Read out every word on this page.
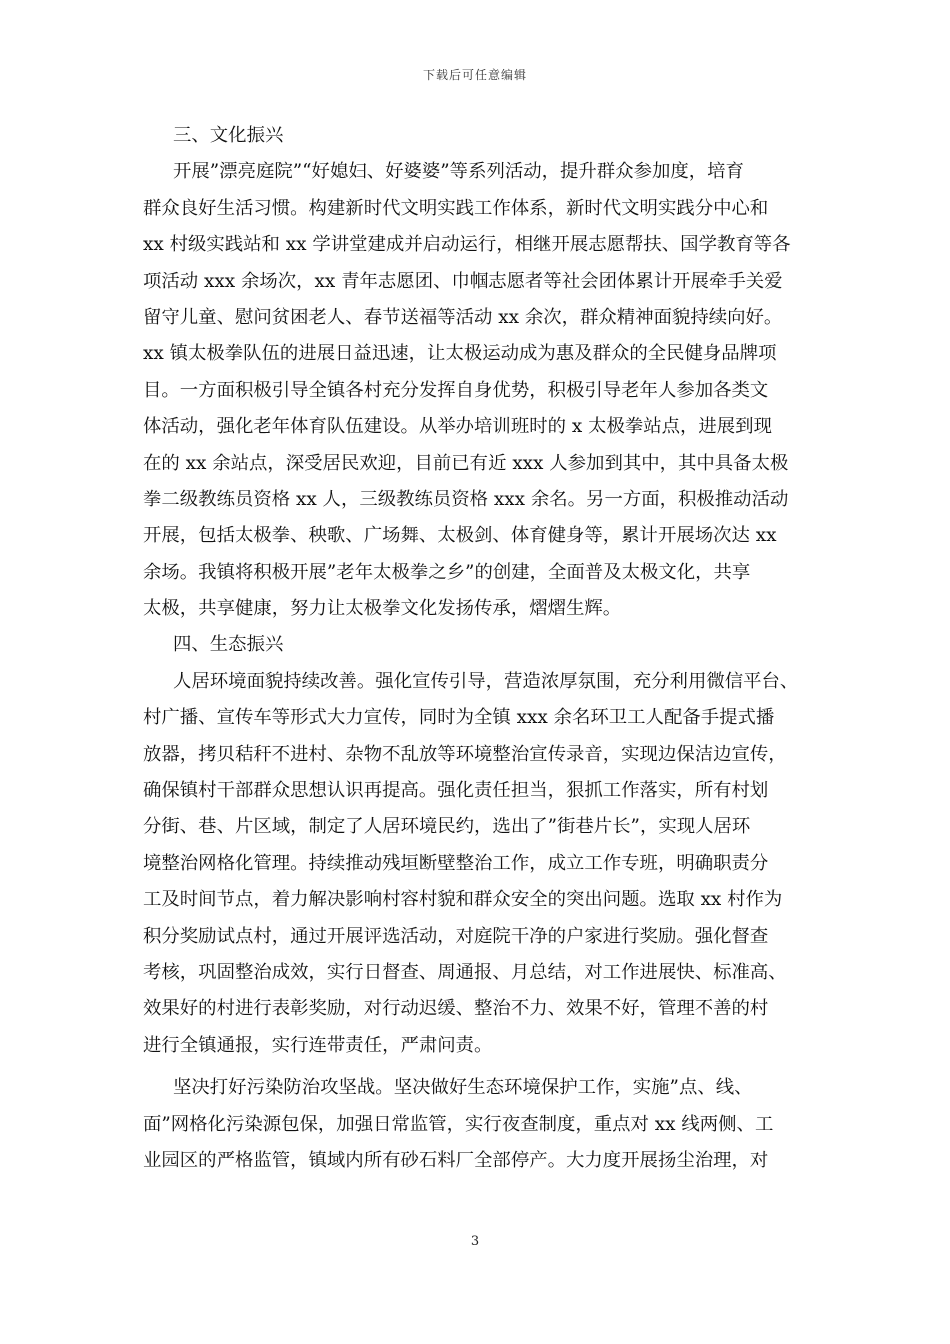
下载后可任意编辑
三、文化振兴
开展”漂亮庭院”“好媳妇、好婆婆”等系列活动，提升群众参加度，培育
群众良好生活习惯。构建新时代文明实践工作体系，新时代文明实践分中心和
xx 村级实践站和 xx 学讲堂建成并启动运行，相继开展志愿帮扶、国学教育等各
项活动 xxx 余场次，xx 青年志愿团、巾帼志愿者等社会团体累计开展牵手关爱
留守儿童、慰问贫困老人、春节送福等活动 xx 余次，群众精神面貌持续向好。
xx 镇太极拳队伍的进展日益迅速，让太极运动成为惠及群众的全民健身品牌项
目。一方面积极引导全镇各村充分发挥自身优势，积极引导老年人参加各类文
体活动，强化老年体育队伍建设。从举办培训班时的 x 太极拳站点，进展到现
在的 xx 余站点，深受居民欢迎，目前已有近 xxx 人参加到其中，其中具备太极
拳二级教练员资格 xx 人，三级教练员资格 xxx 余名。另一方面，积极推动活动
开展，包括太极拳、秧歌、广场舞、太极剑、体育健身等，累计开展场次达 xx
余场。我镇将积极开展”老年太极拳之乡”的创建，全面普及太极文化，共享
太极，共享健康，努力让太极拳文化发扬传承，熠熠生辉。
四、生态振兴
人居环境面貌持续改善。强化宣传引导，营造浓厚氛围，充分利用微信平台、
村广播、宣传车等形式大力宣传，同时为全镇 xxx 余名环卫工人配备手提式播
放器，拷贝秸秆不进村、杂物不乱放等环境整治宣传录音，实现边保洁边宣传，
确保镇村干部群众思想认识再提高。强化责任担当，狠抓工作落实，所有村划
分街、巷、片区域，制定了人居环境民约，选出了”街巷片长”，实现人居环
境整治网格化管理。持续推动残垣断壁整治工作，成立工作专班，明确职责分
工及时间节点，着力解决影响村容村貌和群众安全的突出问题。选取 xx 村作为
积分奖励试点村，通过开展评选活动，对庭院干净的户家进行奖励。强化督查
考核，巩固整治成效，实行日督查、周通报、月总结，对工作进展快、标准高、
效果好的村进行表彰奖励，对行动迟缓、整治不力、效果不好，管理不善的村
进行全镇通报，实行连带责任，严肃问责。
坚决打好污染防治攻坚战。坚决做好生态环境保护工作，实施”点、线、
面”网格化污染源包保，加强日常监管，实行夜查制度，重点对 xx 线两侧、工
业园区的严格监管，镇域内所有砂石料厂全部停产。大力度开展扬尘治理，对
3
